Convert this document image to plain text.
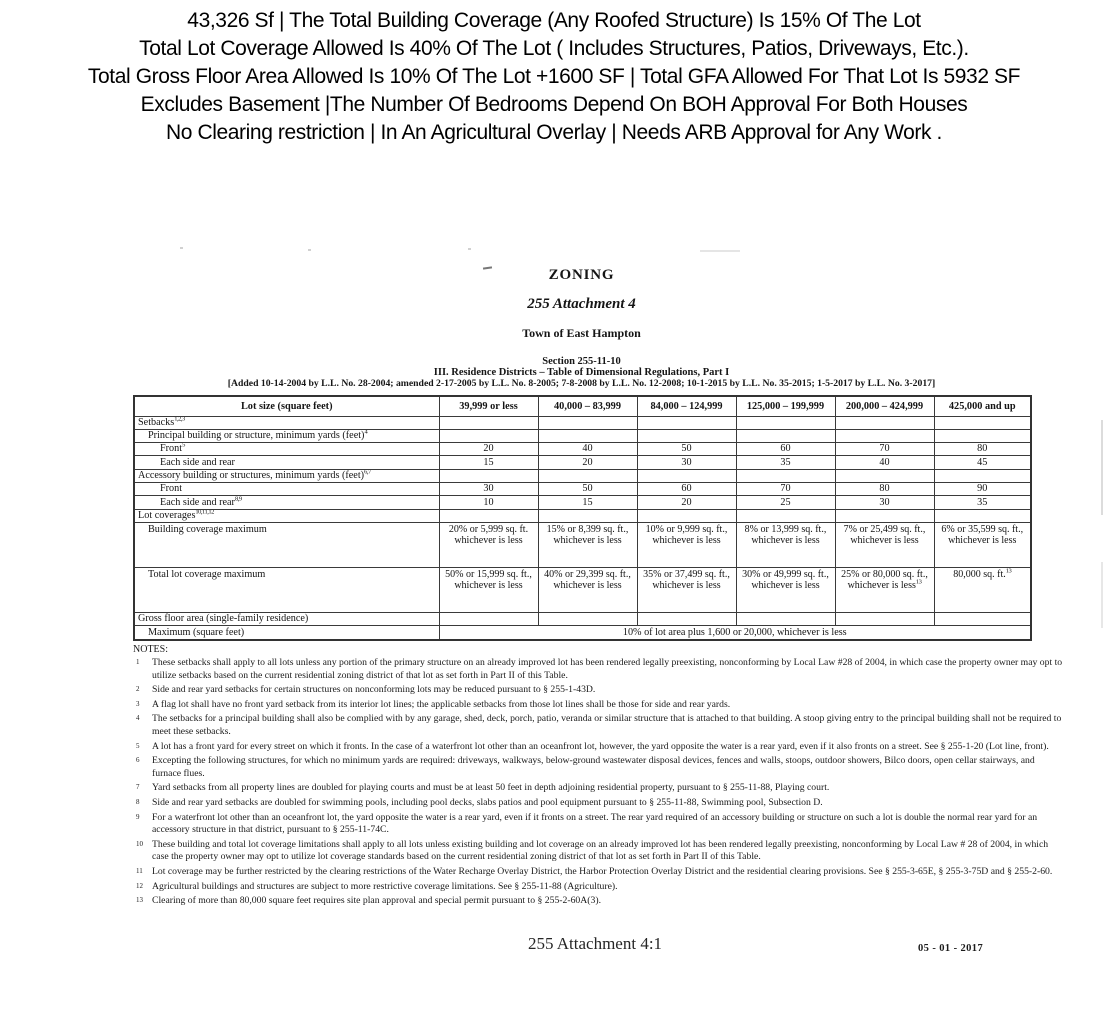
43,326 Sf | The Total Building Coverage (Any Roofed Structure) Is 15% Of The Lot
Total Lot Coverage Allowed Is 40% Of The Lot ( Includes Structures, Patios, Driveways, Etc.).
Total Gross Floor Area Allowed Is 10% Of The Lot +1600 SF | Total GFA Allowed For That Lot Is 5932 SF
Excludes Basement |The Number Of Bedrooms Depend On BOH Approval For Both Houses
No Clearing restriction | In An Agricultural Overlay | Needs ARB Approval for Any Work .
ZONING
255 Attachment 4
Town of East Hampton
Section 255-11-10
III. Residence Districts – Table of Dimensional Regulations, Part I
[Added 10-14-2004 by L.L. No. 28-2004; amended 2-17-2005 by L.L. No. 8-2005; 7-8-2008 by L.L. No. 12-2008; 10-1-2015 by L.L. No. 35-2015; 1-5-2017 by L.L. No. 3-2017]
Lot size (square feet)	39,999 or less	40,000 – 83,999	84,000 – 124,999	125,000 – 199,999	200,000 – 424,999	425,000 and up
Setbacks$^{1,2,3}$						
Principal building or structure, minimum yards (feet)$^4$						
Front$^5$	20	40	50	60	70	80
Each side and rear	15	20	30	35	40	45
Accessory building or structures, minimum yards (feet)$^{6,7}$						
Front	30	50	60	70	80	90
Each side and rear$^{8,9}$	10	15	20	25	30	35
Lot coverages$^{10,11,12}$						
Building coverage maximum	20% or 5,999 sq. ft. whichever is less	15% or 8,399 sq. ft., whichever is less	10% or 9,999 sq. ft., whichever is less	8% or 13,999 sq. ft., whichever is less	7% or 25,499 sq. ft., whichever is less	6% or 35,599 sq. ft., whichever is less
Total lot coverage maximum	50% or 15,999 sq. ft., whichever is less	40% or 29,399 sq. ft., whichever is less	35% or 37,499 sq. ft., whichever is less	30% or 49,999 sq. ft., whichever is less	25% or 80,000 sq. ft., whichever is less$^{13}$	80,000 sq. ft.$^{13}$
Gross floor area (single-family residence)						
Maximum (square feet)	10% of lot area plus 1,600 or 20,000, whichever is less					
NOTES:
1 These setbacks shall apply to all lots unless any portion of the primary structure on an already improved lot has been rendered legally preexisting, nonconforming by Local Law #28 of 2004, in which case the property owner may opt to utilize setbacks based on the current residential zoning district of that lot as set forth in Part II of this Table.
2 Side and rear yard setbacks for certain structures on nonconforming lots may be reduced pursuant to § 255-1-43D.
3 A flag lot shall have no front yard setback from its interior lot lines; the applicable setbacks from those lot lines shall be those for side and rear yards.
4 The setbacks for a principal building shall also be complied with by any garage, shed, deck, porch, patio, veranda or similar structure that is attached to that building. A stoop giving entry to the principal building shall not be required to meet these setbacks.
5 A lot has a front yard for every street on which it fronts. In the case of a waterfront lot other than an oceanfront lot, however, the yard opposite the water is a rear yard, even if it also fronts on a street. See § 255-1-20 (Lot line, front).
6 Excepting the following structures, for which no minimum yards are required: driveways, walkways, below-ground wastewater disposal devices, fences and walls, stoops, outdoor showers, Bilco doors, open cellar stairways, and furnace flues.
7 Yard setbacks from all property lines are doubled for playing courts and must be at least 50 feet in depth adjoining residential property, pursuant to § 255-11-88, Playing court.
8 Side and rear yard setbacks are doubled for swimming pools, including pool decks, slabs patios and pool equipment pursuant to § 255-11-88, Swimming pool, Subsection D.
9 For a waterfront lot other than an oceanfront lot, the yard opposite the water is a rear yard, even if it fronts on a street. The rear yard required of an accessory building or structure on such a lot is double the normal rear yard for an accessory structure in that district, pursuant to § 255-11-74C.
10 These building and total lot coverage limitations shall apply to all lots unless existing building and lot coverage on an already improved lot has been rendered legally preexisting, nonconforming by Local Law # 28 of 2004, in which case the property owner may opt to utilize lot coverage standards based on the current residential zoning district of that lot as set forth in Part II of this Table.
11 Lot coverage may be further restricted by the clearing restrictions of the Water Recharge Overlay District, the Harbor Protection Overlay District and the residential clearing provisions. See § 255-3-65E, § 255-3-75D and § 255-2-60.
12 Agricultural buildings and structures are subject to more restrictive coverage limitations. See § 255-11-88 (Agriculture).
13 Clearing of more than 80,000 square feet requires site plan approval and special permit pursuant to § 255-2-60A(3).
255 Attachment 4:1	05 - 01 - 2017
